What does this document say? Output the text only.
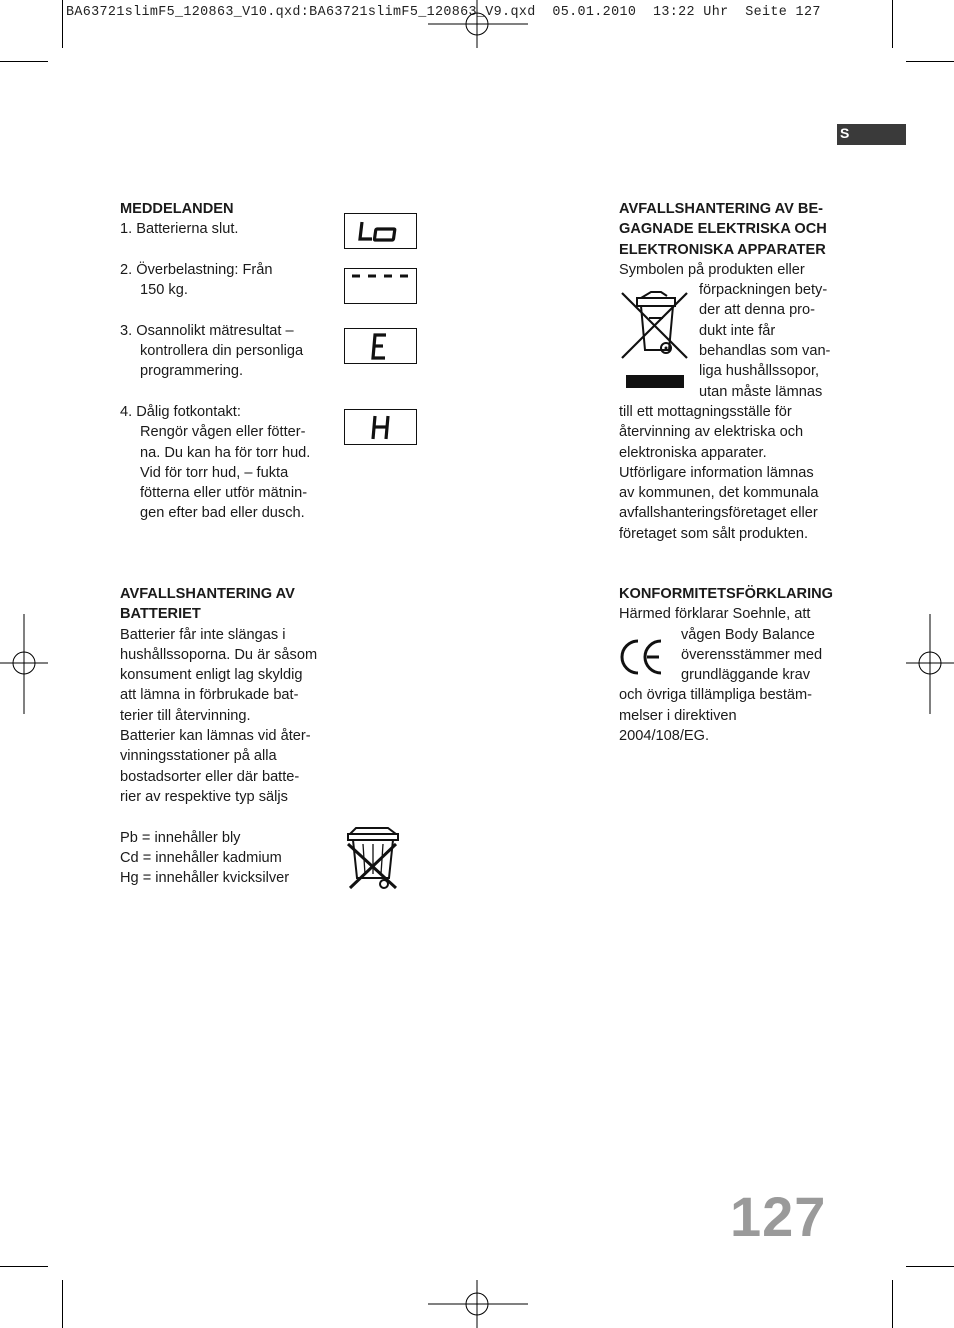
BA63721slimF5_120863_V10.qxd:BA63721slimF5_120863_V9.qxd  05.01.2010  13:22 Uhr  Seite 127
S

MEDDELANDEN

1. Batterierna slut.

2. Överbelastning: Från

150 kg.

3. Osannolikt mätresultat –

kontrollera din personliga

programmering.

4. Dålig fotkontakt:

Rengör vågen eller fötter-

na. Du kan ha för torr hud.

Vid för torr hud, – fukta

fötterna eller utför mätnin-

gen efter bad eller dusch.

AVFALLSHANTERING AV

BATTERIET

Batterier får inte slängas i

hushållssoporna. Du är såsom

konsument enligt lag skyldig

att lämna in förbrukade bat-

terier till återvinning.

Batterier kan lämnas vid åter-

vinningsstationer på alla

bostadsorter eller där batte-

rier av respektive typ säljs

Pb = innehåller bly

Cd = innehåller kadmium

Hg = innehåller kvicksilver

AVFALLSHANTERING AV BE-

GAGNADE ELEKTRISKA OCH

ELEKTRONISKA APPARATER

Symbolen på produkten eller

förpackningen bety-

der att denna pro-

dukt inte får

behandlas som van-

liga hushållssopor,

utan måste lämnas

till ett mottagningsställe för

återvinning av elektriska och

elektroniska apparater.

Utförligare information lämnas

av kommunen, det kommunala

avfallshanteringsföretaget eller

företaget som sålt produkten.

KONFORMITETSFÖRKLARING

Härmed förklarar Soehnle, att

vågen Body Balance

överensstämmer med

grundläggande krav

och övriga tillämpliga bestäm-

melser i direktiven

2004/108/EG.

127
